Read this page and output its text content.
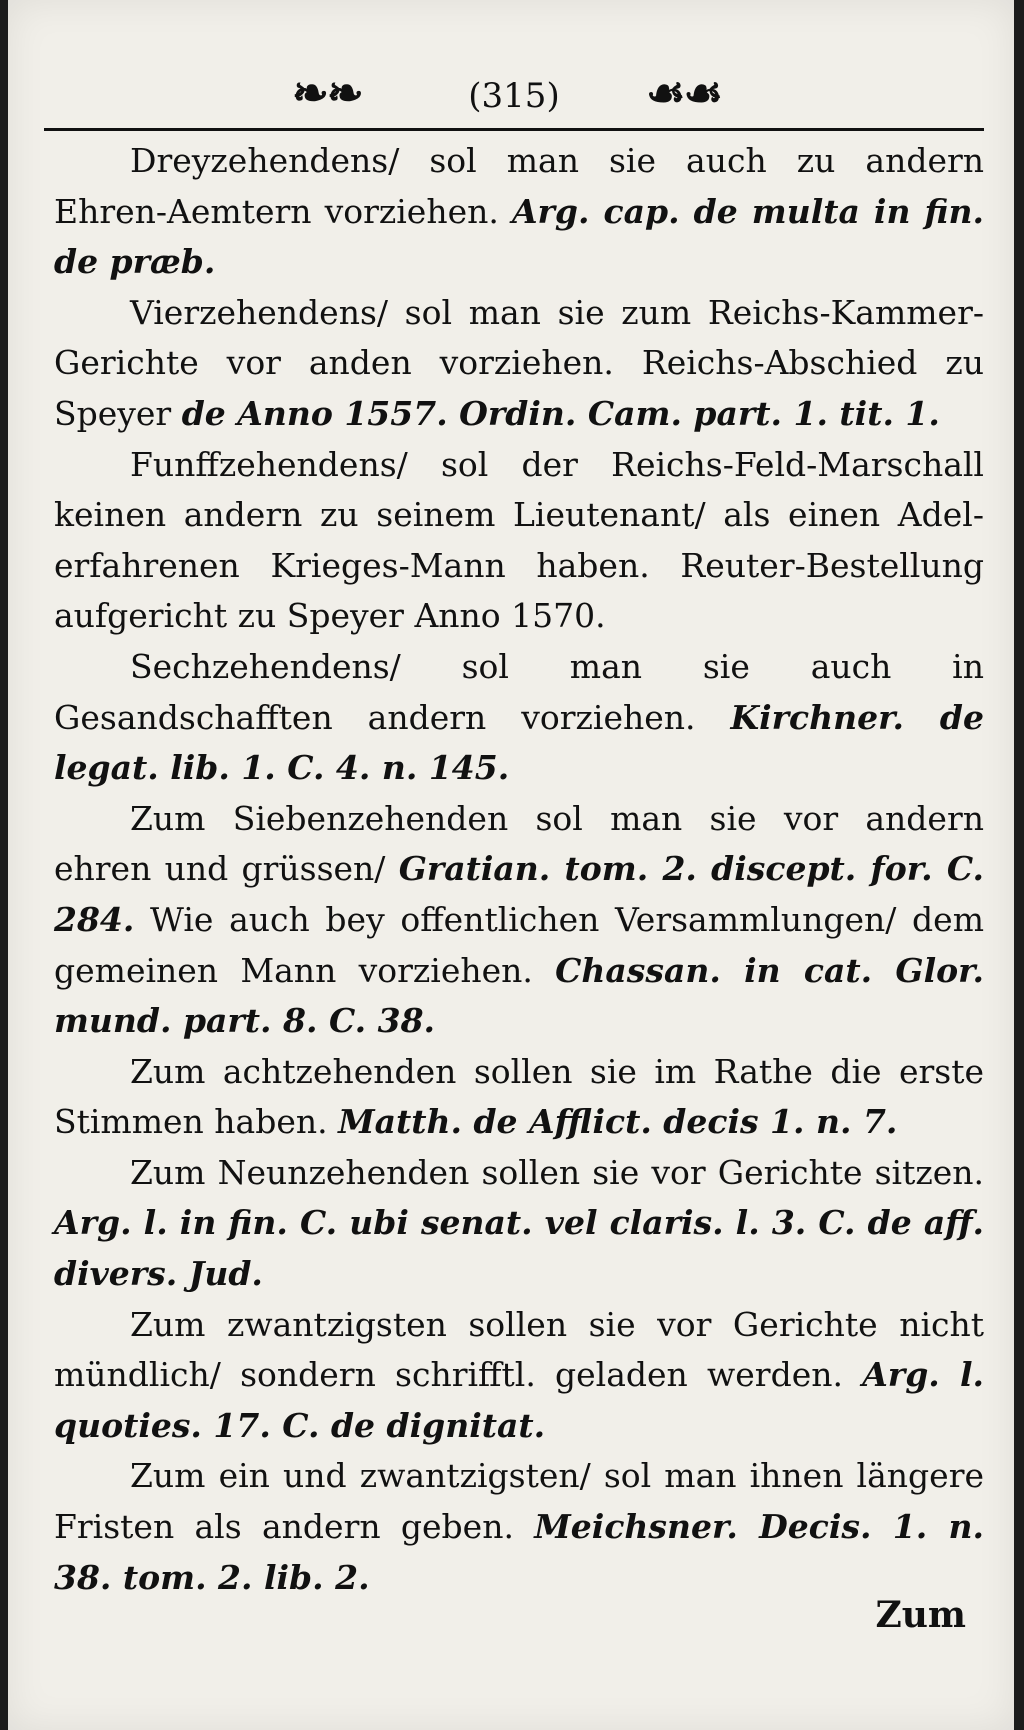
❧❧	(315)	☙☙

Dreyzehendens/ sol man sie auch zu andern Ehren-Aemtern vorziehen. Arg. cap. de multa in fin. de præb.

Vierzehendens/ sol man sie zum Reichs-Kammer-Gerichte vor anden vorziehen. Reichs-Abschied zu Speyer de Anno 1557. Ordin. Cam. part. 1. tit. 1.

Funffzehendens/ sol der Reichs-Feld-Marschall keinen andern zu seinem Lieutenant/ als einen Adel-erfahrenen Krieges-Mann haben. Reuter-Bestellung aufgericht zu Speyer Anno 1570.

Sechzehendens/ sol man sie auch in Gesandschafften andern vorziehen. Kirchner. de legat. lib. 1. C. 4. n. 145.

Zum Siebenzehenden sol man sie vor andern ehren und grüssen/ Gratian. tom. 2. discept. for. C. 284. Wie auch bey offentlichen Versammlungen/ dem gemeinen Mann vorziehen. Chassan. in cat. Glor. mund. part. 8. C. 38.

Zum achtzehenden sollen sie im Rathe die erste Stimmen haben. Matth. de Afflict. decis 1. n. 7.

Zum Neunzehenden sollen sie vor Gerichte sitzen. Arg. l. in fin. C. ubi senat. vel claris. l. 3. C. de aff. divers. Jud.

Zum zwantzigsten sollen sie vor Gerichte nicht mündlich/ sondern schrifftl. geladen werden. Arg. l. quoties. 17. C. de dignitat.

Zum ein und zwantzigsten/ sol man ihnen längere Fristen als andern geben. Meichsner. Decis. 1. n. 38. tom. 2. lib. 2.

Zum
